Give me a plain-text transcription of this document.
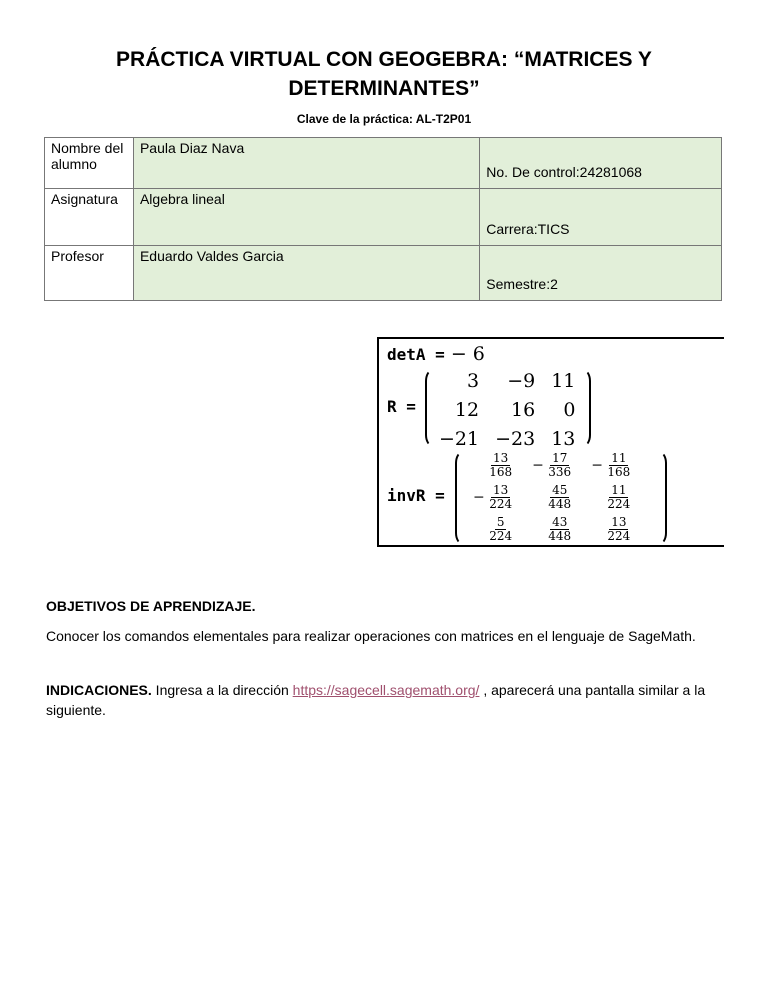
PRÁCTICA VIRTUAL CON GEOGEBRA: “MATRICES Y DETERMINANTES”
Clave de la práctica: AL-T2P01
Nombre del alumno	Paula Diaz Nava	No. De control:24281068
Asignatura	Algebra lineal	Carrera:TICS
Profesor	Eduardo Valdes Garcia	Semestre:2
detA = − 6
R =
3	−9	11
12	16	0
−21	−23	13
invR =
$\frac{13}{168}$	− $\frac{17}{336}$	− $\frac{11}{168}$

− $\frac{13}{224}$	$\frac{45}{448}$	$\frac{11}{224}$

$\frac{5}{224}$	$\frac{43}{448}$	$\frac{13}{224}$
OBJETIVOS DE APRENDIZAJE.
Conocer los comandos elementales para realizar operaciones con matrices en el lenguaje de SageMath.
INDICACIONES. Ingresa a la dirección https://sagecell.sagemath.org/ , aparecerá una pantalla similar a la siguiente.
